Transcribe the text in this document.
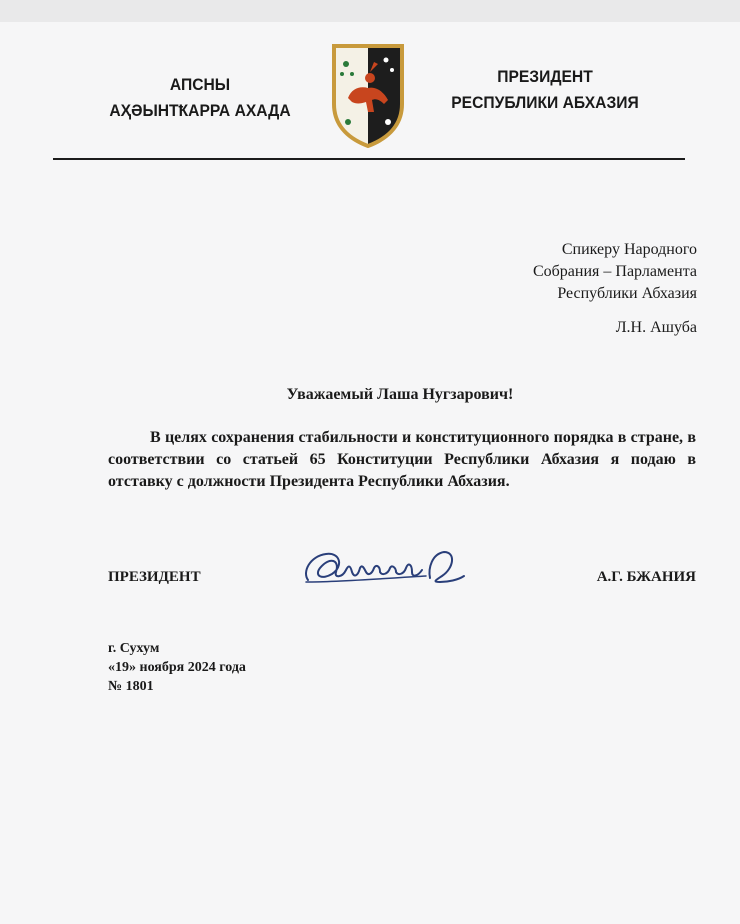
АПСНЫ
АҲӘЫНТҞАРРА АХАДА
ПРЕЗИДЕНТ
РЕСПУБЛИКИ АБХАЗИЯ
Спикеру Народного
Собрания – Парламента
Республики Абхазия
Л.Н. Ашуба
Уважаемый Лаша Нугзарович!

В целях сохранения стабильности и конституционного порядка в стране, в соответствии со статьей 65 Конституции Республики Абхазия я подаю в отставку с должности Президента Республики Абхазия.

ПРЕЗИДЕНТ	А.Г. БЖАНИЯ
г. Сухум
«19» ноября 2024 года
№ 1801
